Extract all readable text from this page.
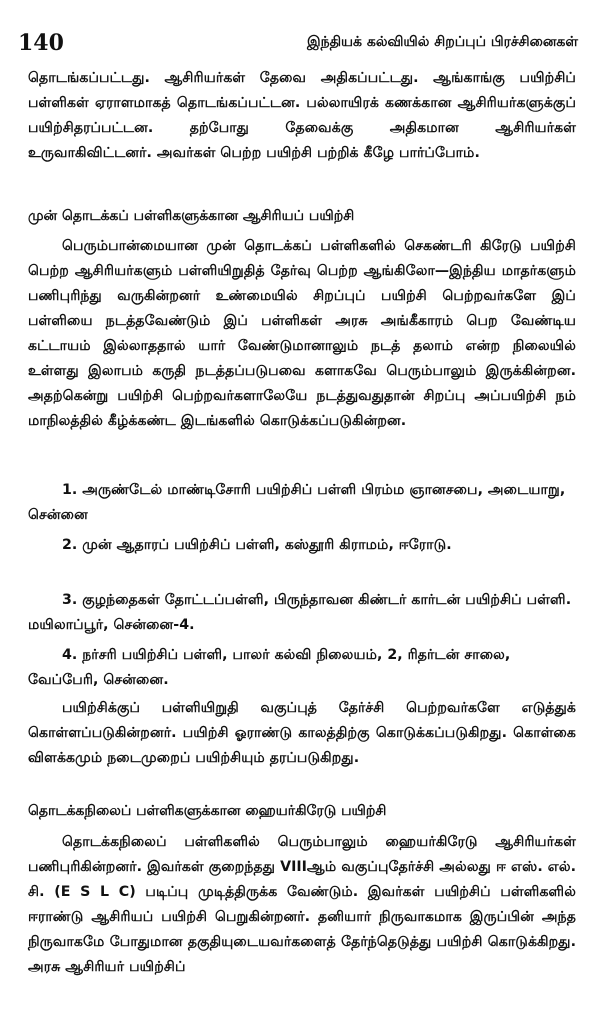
140	இந்தியக் கல்வியில் சிறப்புப் பிரச்சினைகள்

தொடங்கப்பட்டது. ஆசிரியர்கள் தேவை அதிகப்பட்டது. ஆங்காங்கு பயிற்சிப் பள்ளிகள் ஏராளமாகத் தொடங்கப்பட்டன. பல்லாயிரக் கணக்கான ஆசிரியர்களுக்குப் பயிற்சிதரப்பட்டன. தற்போது தேவைக்கு அதிகமான ஆசிரியர்கள் உருவாகிவிட்டனர். அவர்கள் பெற்ற பயிற்சி பற்றிக் கீழே பார்ப்போம்.

முன் தொடக்கப் பள்ளிகளுக்கான ஆசிரியப் பயிற்சி

பெரும்பான்மையான முன் தொடக்கப் பள்ளிகளில் செகண்டரி கிரேடு பயிற்சி பெற்ற ஆசிரியர்களும் பள்ளியிறுதித் தேர்வு பெற்ற ஆங்கிலோ—இந்திய மாதர்களும் பணிபுரிந்து வருகின்றனர் உண்மையில் சிறப்புப் பயிற்சி பெற்றவர்களே இப் பள்ளியை நடத்தவேண்டும் இப் பள்ளிகள் அரசு அங்கீகாரம் பெற வேண்டிய கட்டாயம் இல்லாததால் யார் வேண்டுமானாலும் நடத் தலாம் என்ற நிலையில் உள்ளது இலாபம் கருதி நடத்தப்படுபவை களாகவே பெரும்பாலும் இருக்கின்றன. அதற்கென்று பயிற்சி பெற்றவர்களாலேயே நடத்துவதுதான் சிறப்பு அப்பயிற்சி நம் மாநிலத்தில் கீழ்க்கண்ட இடங்களில் கொடுக்கப்படுகின்றன.

1. அருண்டேல் மாண்டிசோரி பயிற்சிப் பள்ளி பிரம்ம ஞானசபை, அடையாறு, சென்னை

2. முன் ஆதாரப் பயிற்சிப் பள்ளி, கஸ்தூரி கிராமம், ஈரோடு.

3. குழந்தைகள் தோட்டப்பள்ளி, பிருந்தாவன கிண்டர் கார்டன் பயிற்சிப் பள்ளி. மயிலாப்பூர், சென்னை-4.

4. நர்சரி பயிற்சிப் பள்ளி, பாலர் கல்வி நிலையம், 2, ரிதர்டன் சாலை, வேப்பேரி, சென்னை.

பயிற்சிக்குப் பள்ளியிறுதி வகுப்புத் தேர்ச்சி பெற்றவர்களே எடுத்துக் கொள்ளப்படுகின்றனர். பயிற்சி ஓராண்டு காலத்திற்கு கொடுக்கப்படுகிறது. கொள்கை விளக்கமும் நடைமுறைப் பயிற்சியும் தரப்படுகிறது.

தொடக்கநிலைப் பள்ளிகளுக்கான ஹையர்கிரேடு பயிற்சி

தொடக்கநிலைப் பள்ளிகளில் பெரும்பாலும் ஹையர்கிரேடு ஆசிரியர்கள் பணிபுரிகின்றனர். இவர்கள் குறைந்தது VIIIஆம் வகுப்புதேர்ச்சி அல்லது ஈ எஸ். எல். சி. (E S L C) படிப்பு முடித்திருக்க வேண்டும். இவர்கள் பயிற்சிப் பள்ளிகளில் ஈராண்டு ஆசிரியப் பயிற்சி பெறுகின்றனர். தனியார் நிருவாகமாக இருப்பின் அந்த நிருவாகமே போதுமான தகுதியுடையவர்களைத் தேர்ந்தெடுத்து பயிற்சி கொடுக்கிறது. அரசு ஆசிரியர் பயிற்சிப்
